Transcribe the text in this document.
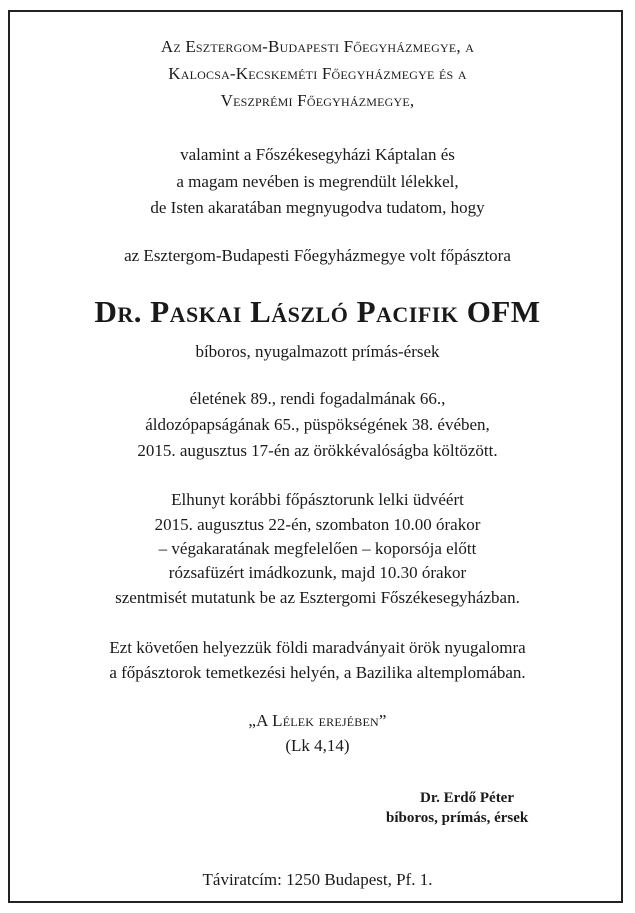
Az Esztergom-Budapesti Főegyházmegye, a
Kalocsa-Kecskeméti Főegyházmegye és a
Veszprémi Főegyházmegye,
valamint a Főszékesegyházi Káptalan és
a magam nevében is megrendült lélekkel,
de Isten akaratában megnyugodva tudatom, hogy
az Esztergom-Budapesti Főegyházmegye volt főpásztora
Dr. Paskai László Pacifik OFM
bíboros, nyugalmazott prímás-érsek
életének 89., rendi fogadalmának 66.,
áldozópapságának 65., püspökségének 38. évében,
2015. augusztus 17-én az örökkévalóságba költözött.
Elhunyt korábbi főpásztorunk lelki üdvéért
2015. augusztus 22-én, szombaton 10.00 órakor
– végakaratának megfelelően – koporsója előtt
rózsafüzért imádkozunk, majd 10.30 órakor
szentmisét mutatunk be az Esztergomi Főszékesegyházban.
Ezt követően helyezzük földi maradványait örök nyugalomra
a főpásztorok temetkezési helyén, a Bazilika altemplomában.
„A Lélek erejében”
(Lk 4,14)
Dr. Erdő Péter
bíboros, prímás, érsek
Táviratcím: 1250 Budapest, Pf. 1.
